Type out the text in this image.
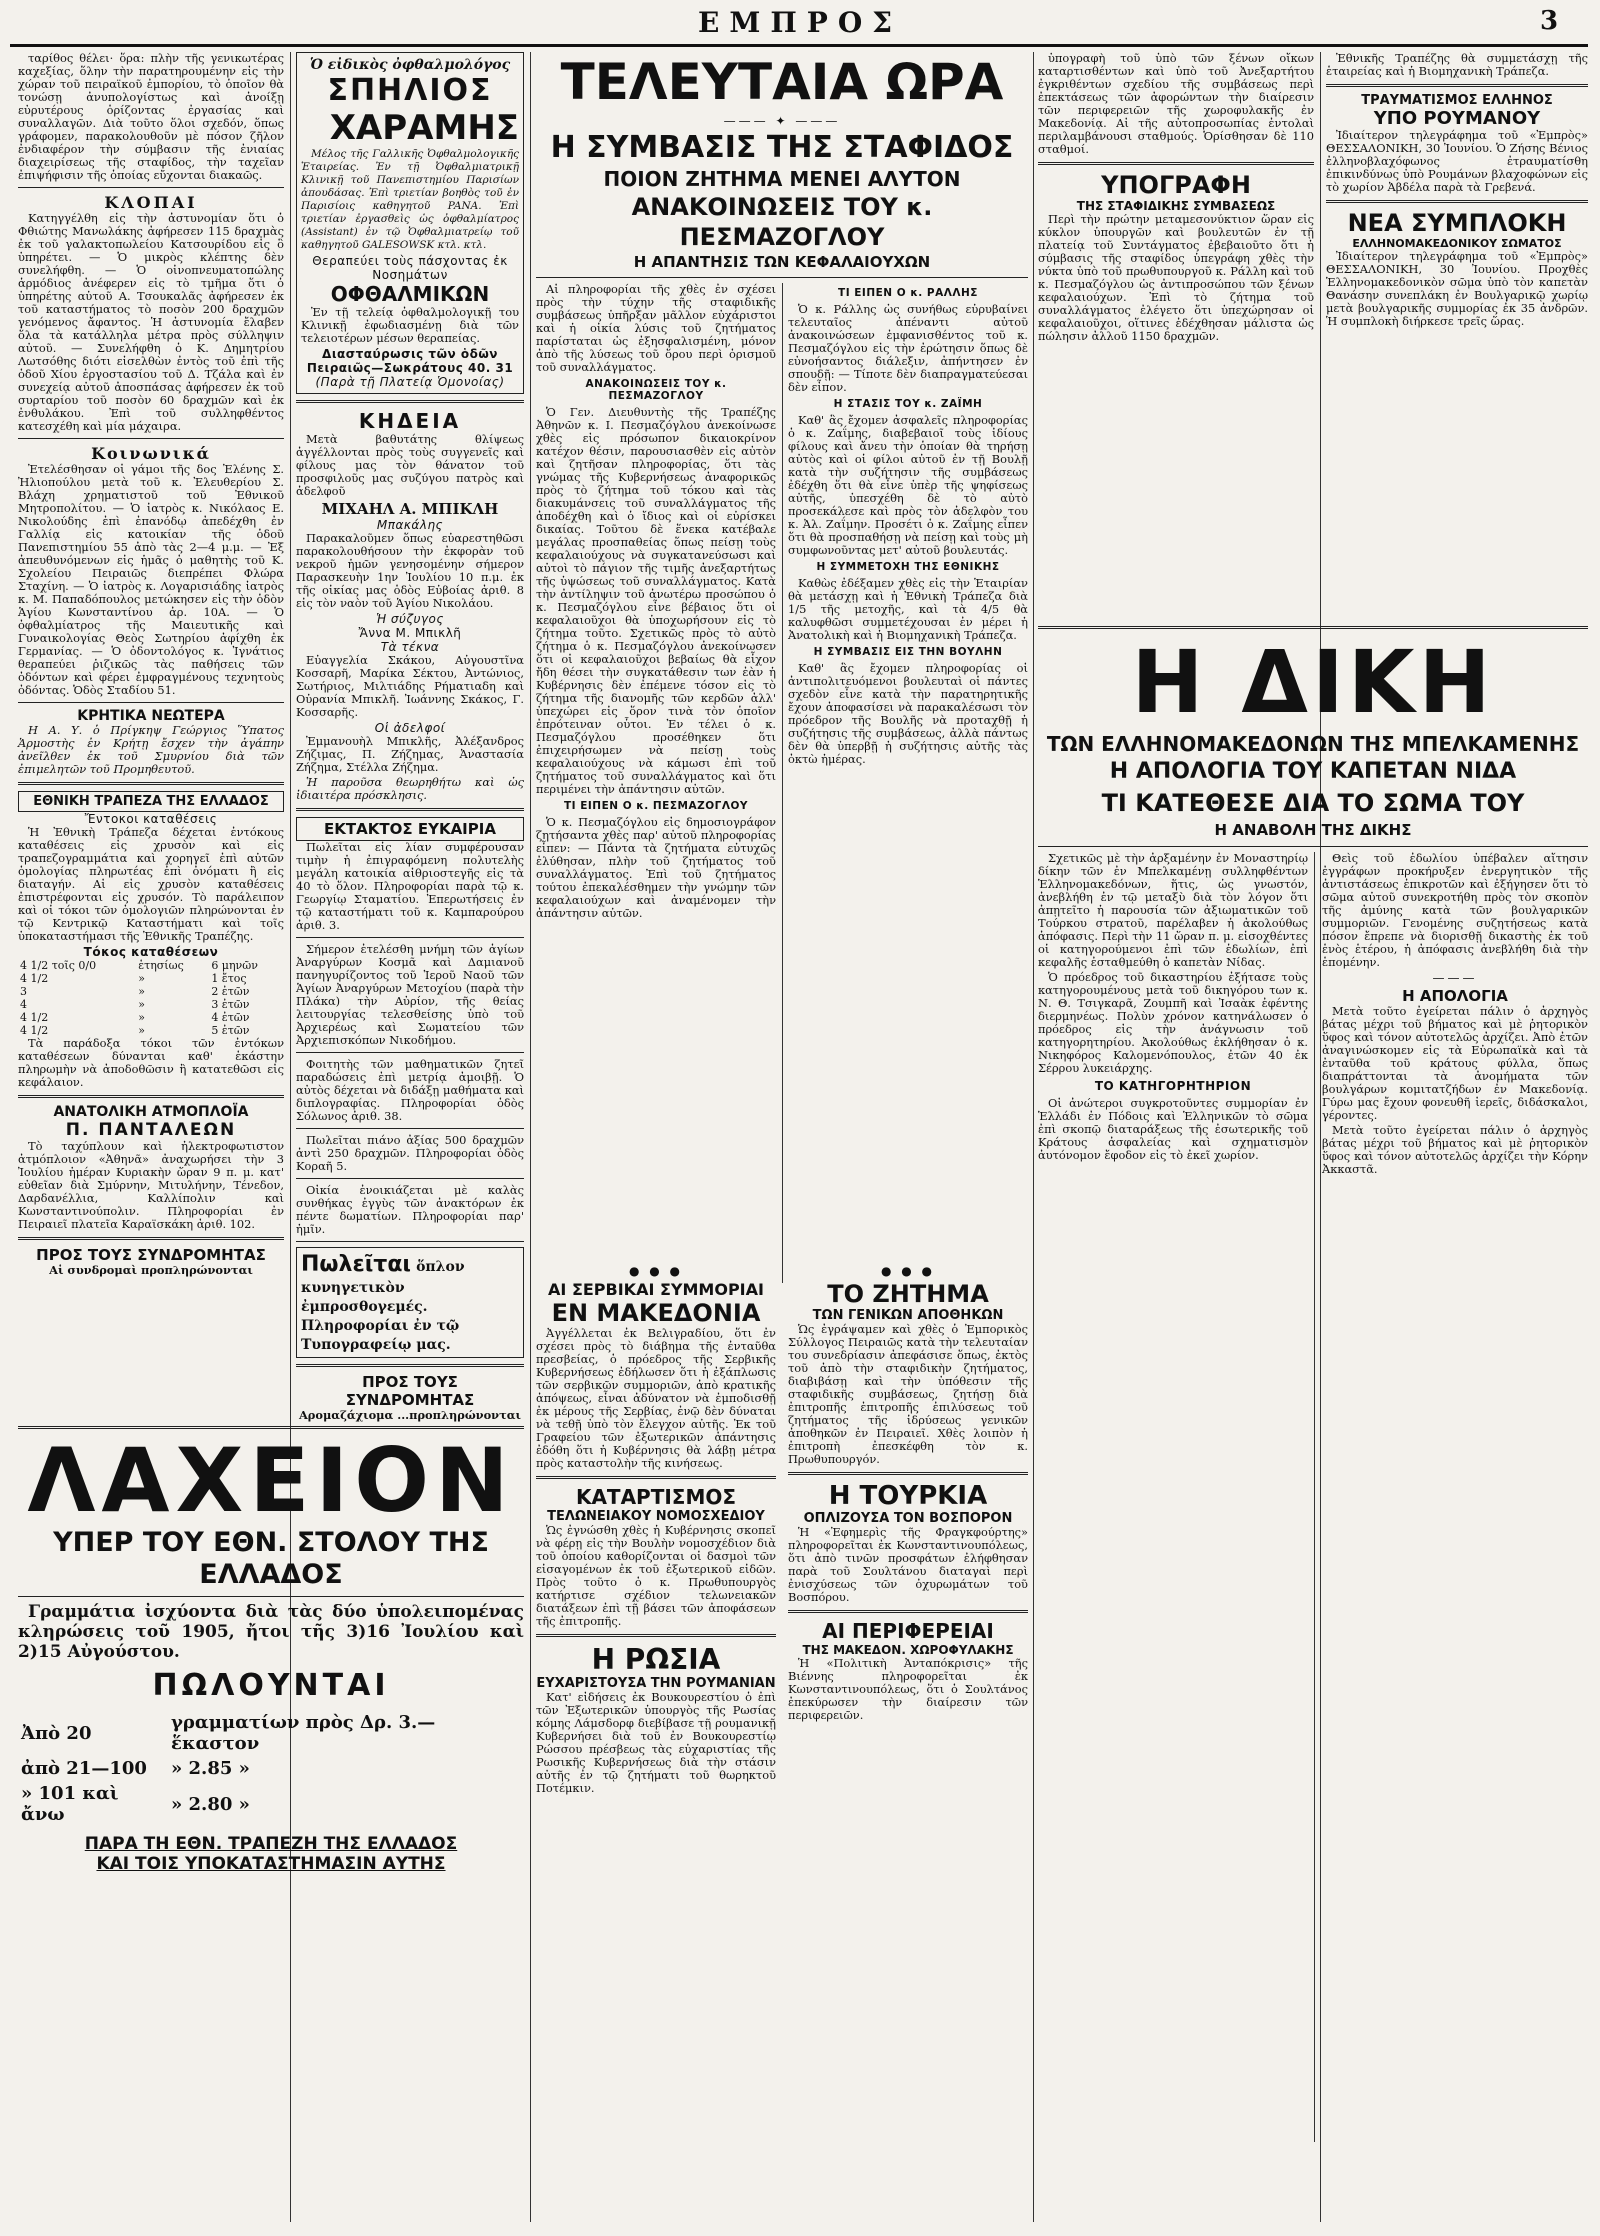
ΕΜΠΡΟΣ	3

ταρίθος θέλει· ὅρα: πλὴν τῆς γενικωτέρας καχεξίας, ὅλην τὴν παρατηρουμένην εἰς τὴν χώραν τοῦ πειραϊκοῦ ἐμπορίου, τὸ ὁποῖον θὰ τονώσῃ ἀνυπολογίστως καὶ ἀνοίξῃ εὐρυτέρους ὁρίζοντας ἐργασίας καὶ συναλλαγῶν. Διὰ τοῦτο ὅλοι σχεδόν, ὅπως γράφομεν, παρακολουθοῦν μὲ πόσον ζῆλον ἐνδιαφέρον τὴν σύμβασιν τῆς ἐνιαίας διαχειρίσεως τῆς σταφίδος, τὴν ταχεῖαν ἐπιψήφισιν τῆς ὁποίας εὔχονται διακαῶς.

ΚΛΟΠΑΙ

Κατηγγέλθη εἰς τὴν ἀστυνομίαν ὅτι ὁ Φθιώτης Μανωλάκης ἀφήρεσεν 115 δραχμὰς ἐκ τοῦ γαλακτοπωλείου Κατσουρίδου εἰς ὃ ὑπηρέτει. — Ὁ μικρὸς κλέπτης δὲν συνελήφθη. — Ὁ οἰνοπνευματοπώλης ἁρμόδιος ἀνέφερεν εἰς τὸ τμῆμα ὅτι ὁ ὑπηρέτης αὐτοῦ Α. Τσουκαλᾶς ἀφήρεσεν ἐκ τοῦ καταστήματος τὸ ποσὸν 200 δραχμῶν γενόμενος ἄφαντος. Ἡ ἀστυνομία ἔλαβεν ὅλα τὰ κατάλληλα μέτρα πρὸς σύλληψιν αὐτοῦ. — Συνελήφθη ὁ Κ. Δημητρίου Λωτσόθης διότι εἰσελθὼν ἐντὸς τοῦ ἐπὶ τῆς ὁδοῦ Χίου ἐργοστασίου τοῦ Δ. Τζάλα καὶ ἐν συνεχείᾳ αὐτοῦ ἀποσπάσας ἀφήρεσεν ἐκ τοῦ συρταρίου τοῦ ποσὸν 60 δραχμῶν καὶ ἐκ ἐνθυλάκου. Ἐπὶ τοῦ συλληφθέντος κατεσχέθη καὶ μία μάχαιρα.

Κοινωνικά

Ἐτελέσθησαν οἱ γάμοι τῆς δος Ἐλένης Σ. Ἠλιοπούλου μετὰ τοῦ κ. Ἐλευθερίου Σ. Βλάχη χρηματιστοῦ τοῦ Ἐθνικοῦ Μητροπολίτου. — Ὁ ἰατρὸς κ. Νικόλαος Ε. Νικολούδης ἐπὶ ἐπανόδῳ ἀπεδέχθη ἐν Γαλλίᾳ εἰς κατοικίαν τῆς ὁδοῦ Πανεπιστημίου 55 ἀπὸ τὰς 2—4 μ.μ. — Ἐξ ἀπευθυνόμενων εἰς ἡμᾶς ὁ μαθητὴς τοῦ Κ. Σχολείου Πειραιῶς διεπρέπει Φλώρα Σταχίνη. — Ὁ ἰατρὸς κ. Λογαρισιάδης ἰατρὸς κ. Μ. Παπαδόπουλος μετώκησεν εἰς τὴν ὁδὸν Ἁγίου Κωνσταντίνου ἀρ. 10Α. — Ὁ ὀφθαλμίατρος τῆς Μαιευτικῆς καὶ Γυναικολογίας Θεὸς Σωτηρίου ἀφίχθη ἐκ Γερμανίας. — Ὁ ὀδοντολόγος κ. Ἰγνάτιος θεραπεύει ῥιζικῶς τὰς παθήσεις τῶν ὀδόντων καὶ φέρει ἐμφραγμένους τεχνητοὺς ὀδόντας. Ὁδὸς Σταδίου 51.

ΚΡΗΤΙΚΑ ΝΕΩΤΕΡΑ

Η Α. Υ. ὁ Πρίγκηψ Γεώργιος Ὕπατος Ἁρμοστὴς ἐν Κρήτῃ ἔσχεν τὴν ἀγάπην ἀνεῖλθεν ἐκ τοῦ Σμυρνίου διὰ τῶν ἐπιμελητῶν τοῦ Προμηθευτοῦ.

ΕΘΝΙΚΗ ΤΡΑΠΕΖΑ ΤΗΣ ΕΛΛΑΔΟΣ
Ἔντοκοι καταθέσεις

Ἡ Ἐθνικὴ Τράπεζα δέχεται ἐντόκους καταθέσεις εἰς χρυσὸν καὶ εἰς τραπεζογραμμάτια καὶ χορηγεῖ ἐπὶ αὐτῶν ὁμολογίας πληρωτέας ἐπὶ ὀνόματι ἢ εἰς διαταγήν. Αἱ εἰς χρυσὸν καταθέσεις ἐπιστρέφονται εἰς χρυσόν. Τὸ παράλειπον καὶ οἱ τόκοι τῶν ὁμολογιῶν πληρώνονται ἐν τῷ Κεντρικῷ Καταστήματι καὶ τοῖς ὑποκαταστήμασι τῆς Ἐθνικῆς Τραπέζης.

Τόκος καταθέσεων
4 1/2 τοῖς 0/0	ἑτησίως	6 μηνῶν
4 1/2	»	1 ἔτος
3	»	2 ἐτῶν
4	»	3 ἐτῶν
4 1/2	»	4 ἐτῶν
4 1/2	»	5 ἐτῶν

Τὰ παράδοξα τόκοι τῶν ἐντόκων καταθέσεων δύνανται καθ' ἑκάστην πληρωμὴν νὰ ἀποδοθῶσιν ἢ κατατεθῶσι εἰς κεφάλαιον.

ΑΝΑΤΟΛΙΚΗ ΑΤΜΟΠΛΟΪΑ
Π. ΠΑΝΤΑΛΕΩΝ

Τὸ ταχύπλουν καὶ ἠλεκτροφωτιστον ἀτμόπλοιον «Ἀθηνᾶ» ἀναχωρήσει τὴν 3 Ἰουλίου ἡμέραν Κυριακὴν ὥραν 9 π. μ. κατ' εὐθεῖαν διὰ Σμύρνην, Μιτυλήνην, Τένεδον, Δαρδανέλλια, Καλλίπολιν καὶ Κωνσταντινούπολιν. Πληροφορίαι ἐν Πειραιεῖ πλατεῖα Καραϊσκάκη ἀριθ. 102.

ΠΡΟΣ ΤΟΥΣ ΣΥΝΔΡΟΜΗΤΑΣ

Αἱ συνδρομαὶ προπληρώνονται

Ὁ εἰδικὸς ὀφθαλμολόγος
ΣΠΗΛΙΟΣ
ΧΑΡΑΜΗΣ

Μέλος τῆς Γαλλικῆς Ὀφθαλμολογικῆς Ἑταιρείας. Ἐν τῇ Ὀφθαλμιατρικῇ Κλινικῇ τοῦ Πανεπιστημίου Παρισίων ἀπουδάσας. Ἐπὶ τριετίαν βοηθὸς τοῦ ἐν Παρισίοις καθηγητοῦ PANA. Ἐπὶ τριετίαν ἐργασθεὶς ὡς ὀφθαλμίατρος (Assistant) ἐν τῷ Ὀφθαλμιατρείῳ τοῦ καθηγητοῦ GALESOWSK κτλ. κτλ.

Θεραπεύει τοὺς πάσχοντας ἐκ Νοσημάτων
ΟΦΘΑΛΜΙΚΩΝ

Ἐν τῇ τελείᾳ ὀφθαλμολογικῇ του Κλινικῇ ἐφωδιασμένῃ διὰ τῶν τελειοτέρων μέσων θεραπείας.

Διασταύρωσις τῶν ὁδῶν Πειραιῶς—Σωκράτους 40. 31
(Παρὰ τῇ Πλατείᾳ Ὁμονοίας)
ΚΗΔΕΙΑ

Μετὰ βαθυτάτης θλίψεως ἀγγέλλονται πρὸς τοὺς συγγενεῖς καὶ φίλους μας τὸν θάνατον τοῦ προσφιλοῦς μας συζύγου πατρὸς καὶ ἀδελφοῦ

ΜΙΧΑΗΛ Α. ΜΠΙΚΛΗ
Μπακάλης

Παρακαλοῦμεν ὅπως εὐαρεστηθῶσι παρακολουθήσουν τὴν ἐκφορὰν τοῦ νεκροῦ ἡμῶν γενησομένην σήμερον Παρασκευὴν 1ην Ἰουλίου 10 π.μ. ἐκ τῆς οἰκίας μας ὁδὸς Εὐβοίας ἀριθ. 8 εἰς τὸν ναὸν τοῦ Ἁγίου Νικολάου.

Ἡ σύζυγος
Ἄννα Μ. Μπικλῆ
Τὰ τέκνα

Εὐαγγελία Σκάκου, Αὐγουστῖνα Κοσσαρῆ, Μαρίκα Σέκτου, Ἀντώνιος, Σωτήριος, Μιλτιάδης Ρήματιαδη καὶ Οὐρανία Μπικλῆ. Ἰωάννης Σκάκος, Γ. Κοσσαρῆς.

Οἱ ἀδελφοί

Ἐμμανουὴλ Μπικλῆς, Ἀλέξανδρος Ζήζιμας, Π. Ζήζημας, Ἀναστασία Ζήζημα, Στέλλα Ζήζημα.

Ἡ παροῦσα θεωρηθήτω καὶ ὡς ἰδιαιτέρα πρόσκλησις.

ΕΚΤΑΚΤΟΣ ΕΥΚΑΙΡΙΑ

Πωλεῖται εἰς λίαν συμφέρουσαν τιμὴν ἡ ἐπιγραφόμενη πολυτελὴς μεγάλη κατοικία αἰθριοστεγῆς εἰς τὰ 40 τὸ ὅλον. Πληροφορίαι παρὰ τῷ κ. Γεωργίῳ Σταματίου. Ἐπερωτήσεις ἐν τῷ καταστήματι τοῦ κ. Καμπαρούρου ἀριθ. 3.

Σήμερον ἐτελέσθη μνήμη τῶν ἁγίων Ἀναργύρων Κοσμᾶ καὶ Δαμιανοῦ πανηγυρίζοντος τοῦ Ἱεροῦ Ναοῦ τῶν Ἁγίων Ἀναργύρων Μετοχίου (παρὰ τὴν Πλάκα) τὴν Αὐρίον, τῆς θείας λειτουργίας τελεσθείσης ὑπὸ τοῦ Ἀρχιερέως καὶ Σωματείου τῶν Ἀρχιεπισκόπων Νικοδήμου.

Φοιτητὴς τῶν μαθηματικῶν ζητεῖ παραδώσεις ἐπὶ μετρίᾳ ἀμοιβῇ. Ὁ αὐτὸς δέχεται νὰ διδάξῃ μαθήματα καὶ διπλογραφίας. Πληροφορίαι ὁδὸς Σόλωνος ἀριθ. 38.

Πωλεῖται πιάνο ἀξίας 500 δραχμῶν ἀντὶ 250 δραχμῶν. Πληροφορίαι ὁδὸς Κοραῆ 5.

Οἰκία ἐνοικιάζεται μὲ καλὰς συνθήκας ἐγγὺς τῶν ἀνακτόρων ἐκ πέντε δωματίων. Πληροφορίαι παρ' ἡμῖν.

Πωλεῖται ὅπλον κυνηγετικὸν ἐμπροσθογεμές. Πληροφορίαι ἐν τῷ Τυπογραφείῳ μας.
ΠΡΟΣ ΤΟΥΣ ΣΥΝΔΡΟΜΗΤΑΣ

Αρομαζάχιομα ...προπληρώνονται

ΛΑΧΕΙΟΝ
ΥΠΕΡ ΤΟΥ ΕΘΝ. ΣΤΟΛΟΥ ΤΗΣ ΕΛΛΑΔΟΣ

Γραμμάτια ἰσχύοντα διὰ τὰς δύο ὑπολειπομένας κληρώσεις τοῦ 1905, ἤτοι τῆς 3)16 Ἰουλίου καὶ 2)15 Αὐγούστου.

ΠΩΛΟΥΝΤΑΙ
Ἀπὸ 20	γραμματίων πρὸς Δρ. 3.—ἕκαστον
ἀπὸ 21—100	» 2.85 »
» 101 καὶ ἄνω	» 2.80 »
ΠΑΡΑ ΤΗ ΕΘΝ. ΤΡΑΠΕΖΗ ΤΗΣ ΕΛΛΑΔΟΣ
ΚΑΙ ΤΟΙΣ ΥΠΟΚΑΤΑΣΤΗΜΑΣΙΝ ΑΥΤΗΣ
ΤΕΛΕΥΤΑΙΑ ΩΡΑ
——— ✦ ———
Η ΣΥΜΒΑΣΙΣ ΤΗΣ ΣΤΑΦΙΔΟΣ
ΠΟΙΟΝ ΖΗΤΗΜΑ ΜΕΝΕΙ ΑΛΥΤΟΝ
ΑΝΑΚΟΙΝΩΣΕΙΣ ΤΟΥ κ. ΠΕΣΜΑΖΟΓΛΟΥ
Η ΑΠΑΝΤΗΣΙΣ ΤΩΝ ΚΕΦΑΛΑΙΟΥΧΩΝ

Αἱ πληροφορίαι τῆς χθὲς ἐν σχέσει πρὸς τὴν τύχην τῆς σταφιδικῆς συμβάσεως ὑπῆρξαν μᾶλλον εὐχάριστοι καὶ ἡ οἰκία λύσις τοῦ ζητήματος παρίσταται ὡς ἐξησφαλισμένη, μόνον ἀπὸ τῆς λύσεως τοῦ ὅρου περὶ ὁρισμοῦ τοῦ συναλλάγματος.

ΑΝΑΚΟΙΝΩΣΕΙΣ ΤΟΥ κ. ΠΕΣΜΑΖΟΓΛΟΥ

Ὁ Γεν. Διευθυντὴς τῆς Τραπέζης Ἀθηνῶν κ. Ι. Πεσμαζόγλου ἀνεκοίνωσε χθὲς εἰς πρόσωπον δικαιοκρίνον κατέχον θέσιν, παρουσιασθὲν εἰς αὐτὸν καὶ ζητῆσαν πληροφορίας, ὅτι τὰς γνώμας τῆς Κυβερνήσεως ἀναφορικῶς πρὸς τὸ ζήτημα τοῦ τόκου καὶ τὰς διακυμάνσεις τοῦ συναλλάγματος τῆς ἀποδέχθη καὶ ὁ ἴδιος καὶ οἱ εὐρίσκει δικαίας. Τοῦτου δὲ ἕνεκα κατέβαλε μεγάλας προσπαθείας ὅπως πείσῃ τοὺς κεφαλαιούχους νὰ συγκατανεύσωσι καὶ αὐτοὶ τὸ πάγιον τῆς τιμῆς ἀνεξαρτήτως τῆς ὑψώσεως τοῦ συναλλάγματος. Κατὰ τὴν ἀντίληψιν τοῦ ἀνωτέρω προσώπου ὁ κ. Πεσμαζόγλου εἶνε βέβαιος ὅτι οἱ κεφαλαιοῦχοι θὰ ὑποχωρήσουν εἰς τὸ ζήτημα τοῦτο. Σχετικῶς πρὸς τὸ αὐτὸ ζήτημα ὁ κ. Πεσμαζόγλου ἀνεκοίνωσεν ὅτι οἱ κεφαλαιοῦχοι βεβαίως θὰ εἶχον ἤδη θέσει τὴν συγκατάθεσιν των ἐὰν ἡ Κυβέρνησις δὲν ἐπέμενε τόσον εἰς τὸ ζήτημα τῆς διανομῆς τῶν κερδῶν ἀλλ' ὑπεχώρει εἰς ὅρον τινὰ τὸν ὁποῖον ἐπρότειναν οὗτοι. Ἐν τέλει ὁ κ. Πεσμαζόγλου προσέθηκεν ὅτι ἐπιχειρήσωμεν νὰ πείσῃ τοὺς κεφαλαιούχους νὰ κάμωσι ἐπὶ τοῦ ζητήματος τοῦ συναλλάγματος καὶ ὅτι περιμένει τὴν ἀπάντησιν αὐτῶν.

ΤΙ ΕΙΠΕΝ Ο κ. ΠΕΣΜΑΖΟΓΛΟΥ

Ὁ κ. Πεσμαζόγλου εἰς δημοσιογράφον ζητήσαντα χθὲς παρ' αὐτοῦ πληροφορίας εἶπεν: — Πάντα τὰ ζητήματα εὐτυχῶς ἐλύθησαν, πλὴν τοῦ ζητήματος τοῦ συναλλάγματος. Ἐπὶ τοῦ ζητήματος τούτου ἐπεκαλέσθημεν τὴν γνώμην τῶν κεφαλαιούχων καὶ ἀναμένομεν τὴν ἀπάντησιν αὐτῶν.

ΤΙ ΕΙΠΕΝ Ο κ. ΡΑΛΛΗΣ

Ὁ κ. Ράλλης ὡς συνήθως εὐρυβαίνει τελευταῖος ἀπέναντι αὐτοῦ ἀνακοινώσεων ἐμφανισθέντος τοῦ κ. Πεσμαζόγλου εἰς τὴν ἐρώτησιν ὅπως δὲ εὐνοήσαντος διάλεξιν, ἀπήντησεν ἐν σπουδῇ: — Τίποτε δὲν διαπραγματεύεσαι δὲν εἶπον.

Η ΣΤΑΣΙΣ ΤΟΥ κ. ΖΑΪΜΗ

Καθ' ἃς ἔχομεν ἀσφαλεῖς πληροφορίας ὁ κ. Ζαΐμης, διαβεβαιοῖ τοὺς ἰδίους φίλους καὶ ἄνευ τὴν ὁποίαν θὰ τηρήσῃ αὐτὸς καὶ οἱ φίλοι αὐτοῦ ἐν τῇ Βουλῇ κατὰ τὴν συζήτησιν τῆς συμβάσεως ἐδέχθη ὅτι θὰ εἶνε ὑπὲρ τῆς ψηφίσεως αὐτῆς, ὑπεσχέθη δὲ τὸ αὐτὸ προσεκάλεσε καὶ πρὸς τὸν ἀδελφὸν του κ. Ἀλ. Ζαΐμην. Προσέτι ὁ κ. Ζαΐμης εἶπεν ὅτι θὰ προσπαθήσῃ νὰ πείσῃ καὶ τοὺς μὴ συμφωνοῦντας μετ' αὐτοῦ βουλευτάς.

Η ΣΥΜΜΕΤΟΧΗ ΤΗΣ ΕΘΝΙΚΗΣ

Καθὼς ἐδέξαμεν χθὲς εἰς τὴν Ἑταιρίαν θὰ μετάσχῃ καὶ ἡ Ἐθνικὴ Τράπεζα διὰ 1/5 τῆς μετοχῆς, καὶ τὰ 4/5 θὰ καλυφθῶσι συμμετέχουσαι ἐν μέρει ἡ Ἀνατολικὴ καὶ ἡ Βιομηχανικὴ Τράπεζα.

Η ΣΥΜΒΑΣΙΣ ΕΙΣ ΤΗΝ ΒΟΥΛΗΝ

Καθ' ἃς ἔχομεν πληροφορίας οἱ ἀντιπολιτευόμενοι βουλευταὶ οἱ πάντες σχεδὸν εἶνε κατὰ τὴν παρατηρητικῆς ἔχουν ἀποφασίσει νὰ παρακαλέσωσι τὸν πρόεδρον τῆς Βουλῆς νὰ προταχθῇ ἡ συζήτησις τῆς συμβάσεως, ἀλλὰ πάντως δὲν θὰ ὑπερβῇ ἡ συζήτησις αὐτῆς τὰς ὀκτὼ ἡμέρας.

● ● ●
ΑΙ ΣΕΡΒΙΚΑΙ ΣΥΜΜΟΡΙΑΙ
ΕΝ ΜΑΚΕΔΟΝΙΑ

Ἀγγέλλεται ἐκ Βελιγραδίου, ὅτι ἐν σχέσει πρὸς τὸ διάβημα τῆς ἐνταῦθα πρεσβείας, ὁ πρόεδρος τῆς Σερβικῆς Κυβερνήσεως ἐδήλωσεν ὅτι ἡ ἐξάπλωσις τῶν σερβικῶν συμμοριῶν, ἀπὸ κρατικῆς ἀπόψεως, εἶναι ἀδύνατον νὰ ἐμποδισθῇ ἐκ μέρους τῆς Σερβίας, ἐνῷ δὲν δύναται νὰ τεθῇ ὑπὸ τὸν ἔλεγχον αὐτῆς. Ἐκ τοῦ Γραφείου τῶν ἐξωτερικῶν ἀπάντησις ἐδόθη ὅτι ἡ Κυβέρνησις θὰ λάβῃ μέτρα πρὸς καταστολὴν τῆς κινήσεως.

ΚΑΤΑΡΤΙΣΜΟΣ
ΤΕΛΩΝΕΙΑΚΟΥ ΝΟΜΟΣΧΕΔΙΟΥ

Ὡς ἐγνώσθη χθὲς ἡ Κυβέρνησις σκοπεῖ νὰ φέρῃ εἰς τὴν Βουλὴν νομοσχέδιον διὰ τοῦ ὁποίου καθορίζονται οἱ δασμοὶ τῶν εἰσαγομένων ἐκ τοῦ ἐξωτερικοῦ εἰδῶν. Πρὸς τοῦτο ὁ κ. Πρωθυπουργὸς κατήρτισε σχέδιον τελωνειακῶν διατάξεων ἐπὶ τῇ βάσει τῶν ἀποφάσεων τῆς ἐπιτροπῆς.

Η ΡΩΣΙΑ
ΕΥΧΑΡΙΣΤΟΥΣΑ ΤΗΝ ΡΟΥΜΑΝΙΑΝ

Κατ' εἰδήσεις ἐκ Βουκουρεστίου ὁ ἐπὶ τῶν Ἐξωτερικῶν ὑπουργὸς τῆς Ρωσίας κόμης Λάμσδορφ διεβίβασε τῇ ρουμανικῇ Κυβερνήσει διὰ τοῦ ἐν Βουκουρεστίῳ Ρώσσου πρέσβεως τὰς εὐχαριστίας τῆς Ρωσικῆς Κυβερνήσεως διὰ τὴν στάσιν αὐτῆς ἐν τῷ ζητήματι τοῦ θωρηκτοῦ Ποτέμκιν.

ὑπογραφὴ τοῦ ὑπὸ τῶν ξένων οἴκων καταρτισθέντων καὶ ὑπὸ τοῦ Ἀνεξαρτήτου ἐγκριθέντων σχεδίου τῆς συμβάσεως περὶ ἐπεκτάσεως τῶν ἀφορώντων τὴν διαίρεσιν τῶν περιφερειῶν τῆς χωροφυλακῆς ἐν Μακεδονίᾳ. Αἱ τῆς αὐτοπροσωπίας ἐντολαὶ περιλαμβάνουσι σταθμούς. Ὁρίσθησαν δὲ 110 σταθμοί.

ΥΠΟΓΡΑΦΗ
ΤΗΣ ΣΤΑΦΙΔΙΚΗΣ ΣΥΜΒΑΣΕΩΣ

Περὶ τὴν πρώτην μεταμεσονύκτιον ὥραν εἰς κύκλον ὑπουργῶν καὶ βουλευτῶν ἐν τῇ πλατείᾳ τοῦ Συντάγματος ἐβεβαιοῦτο ὅτι ἡ σύμβασις τῆς σταφίδος ὑπεγράφη χθὲς τὴν νύκτα ὑπὸ τοῦ πρωθυπουργοῦ κ. Ράλλη καὶ τοῦ κ. Πεσμαζόγλου ὡς ἀντιπροσώπου τῶν ξένων κεφαλαιούχων. Ἐπὶ τὸ ζήτημα τοῦ συναλλάγματος ἐλέγετο ὅτι ὑπεχώρησαν οἱ κεφαλαιοῦχοι, οἵτινες ἐδέχθησαν μάλιστα ὡς πώλησιν ἀλλοῦ 1150 δραχμῶν.

● ● ●
ΤΟ ΖΗΤΗΜΑ
ΤΩΝ ΓΕΝΙΚΩΝ ΑΠΟΘΗΚΩΝ

Ὡς ἐγράψαμεν καὶ χθὲς ὁ Ἐμπορικὸς Σύλλογος Πειραιῶς κατὰ τὴν τελευταίαν του συνεδρίασιν ἀπεφάσισε ὅπως, ἐκτὸς τοῦ ἀπὸ τὴν σταφιδικὴν ζητήματος, διαβιβάσῃ καὶ τὴν ὑπόθεσιν τῆς σταφιδικῆς συμβάσεως, ζητήσῃ διὰ ἐπιτροπῆς ἐπιτροπῆς ἐπιλύσεως τοῦ ζητήματος τῆς ἱδρύσεως γενικῶν ἀποθηκῶν ἐν Πειραιεῖ. Χθὲς λοιπὸν ἡ ἐπιτροπὴ ἐπεσκέφθη τὸν κ. Πρωθυπουργόν.

Η ΤΟΥΡΚΙΑ
ΟΠΛΙΖΟΥΣΑ ΤΟΝ ΒΟΣΠΟΡΟΝ

Ἡ «Ἐφημερὶς τῆς Φραγκφούρτης» πληροφορεῖται ἐκ Κωνσταντινουπόλεως, ὅτι ἀπὸ τινῶν προσφάτων ἐλήφθησαν παρὰ τοῦ Σουλτάνου διαταγαὶ περὶ ἐνισχύσεως τῶν ὀχυρωμάτων τοῦ Βοσπόρου.

ΑΙ ΠΕΡΙΦΕΡΕΙΑΙ
ΤΗΣ ΜΑΚΕΔΟΝ. ΧΩΡΟΦΥΛΑΚΗΣ

Ἡ «Πολιτικὴ Ἀνταπόκρισις» τῆς Βιέννης πληροφορεῖται ἐκ Κωνσταντινουπόλεως, ὅτι ὁ Σουλτάνος ἐπεκύρωσεν τὴν διαίρεσιν τῶν περιφερειῶν.

Ἐθνικῆς Τραπέζης θὰ συμμετάσχῃ τῆς ἑταιρείας καὶ ἡ Βιομηχανικὴ Τράπεζα.

ΤΡΑΥΜΑΤΙΣΜΟΣ ΕΛΛΗΝΟΣ
ΥΠΟ ΡΟΥΜΑΝΟΥ

Ἰδιαίτερον τηλεγράφημα τοῦ «Ἐμπρὸς» ΘΕΣΣΑΛΟΝΙΚΗ, 30 Ἰουνίου. Ὁ Ζήσης Βένιος ἐλληνοβλαχόφωνος ἐτραυματίσθη ἐπικινδύνως ὑπὸ Ρουμάνων βλαχοφώνων εἰς τὸ χωρίον Ἀβδέλα παρὰ τὰ Γρεβενά.

ΝΕΑ ΣΥΜΠΛΟΚΗ
ΕΛΛΗΝΟΜΑΚΕΔΟΝΙΚΟΥ ΣΩΜΑΤΟΣ

Ἰδιαίτερον τηλεγράφημα τοῦ «Ἐμπρὸς» ΘΕΣΣΑΛΟΝΙΚΗ, 30 Ἰουνίου. Προχθὲς Ἑλληνομακεδονικὸν σῶμα ὑπὸ τὸν καπετὰν Θανάσην συνεπλάκη ἐν Βουλγαρικῷ χωρίῳ μετὰ βουλγαρικῆς συμμορίας ἐκ 35 ἀνδρῶν. Ἡ συμπλοκὴ διήρκεσε τρεῖς ὥρας.

Η ΔΙΚΗ
ΤΩΝ ΕΛΛΗΝΟΜΑΚΕΔΟΝΩΝ ΤΗΣ ΜΠΕΛΚΑΜΕΝΗΣ
Η ΑΠΟΛΟΓΙΑ ΤΟΥ ΚΑΠΕΤΑΝ ΝΙΔΑ
ΤΙ ΚΑΤΕΘΕΣΕ ΔΙΑ ΤΟ ΣΩΜΑ ΤΟΥ
Η ΑΝΑΒΟΛΗ ΤΗΣ ΔΙΚΗΣ

Σχετικῶς μὲ τὴν ἀρξαμένην ἐν Μοναστηρίῳ δίκην τῶν ἐν Μπελκαμένῃ συλληφθέντων Ἑλληνομακεδόνων, ἥτις, ὡς γνωστόν, ἀνεβλήθη ἐν τῷ μεταξὺ διὰ τὸν λόγον ὅτι ἀπῃτεῖτο ἡ παρουσία τῶν ἀξιωματικῶν τοῦ Τούρκου στρατοῦ, παρέλαβεν ἡ ἀκολούθως ἀπόφασις. Περὶ τὴν 11 ὥραν π. μ. εἰσοχθέντες οἱ κατηγορούμενοι ἐπὶ τῶν ἑδωλίων, ἐπὶ κεφαλῆς ἐσταθμεύθη ὁ καπετὰν Νίδας.

Ὁ πρόεδρος τοῦ δικαστηρίου ἐξήτασε τοὺς κατηγορουμένους μετὰ τοῦ δικηγόρου των κ. Ν. Θ. Τσιγκαρᾶ, Ζουμπῆ καὶ Ἰσαὰκ ἐφέντης διερμηνέως. Πολὺν χρόνον κατηνάλωσεν ὁ πρόεδρος εἰς τὴν ἀνάγνωσιν τοῦ κατηγορητηρίου. Ἀκολούθως ἐκλήθησαν ὁ κ. Νικηφόρος Καλομενόπουλος, ἐτῶν 40 ἐκ Σέρρου λυκειάρχης.

ΤΟ ΚΑΤΗΓΟΡΗΤΗΡΙΟΝ

Οἱ ἀνώτεροι συγκροτοῦντες συμμορίαν ἐν Ἑλλάδι ἐν Πόδοις καὶ Ἑλληνικῶν τὸ σῶμα ἐπὶ σκοπῷ διαταράξεως τῆς ἐσωτερικῆς τοῦ Κράτους ἀσφαλείας καὶ σχηματισμὸν ἀυτόνομον ἔφοδον εἰς τὸ ἐκεῖ χωρίον.

Θεὶς τοῦ ἐδωλίου ὑπέβαλεν αἴτησιν ἐγγράφων προκήρυξεν ἐνεργητικὸν τῆς ἀντιστάσεως ἐπικροτῶν καὶ ἐξήγησεν ὅτι τὸ σῶμα αὐτοῦ συνεκροτήθη πρὸς τὸν σκοπὸν τῆς ἀμύνης κατὰ τῶν βουλγαρικῶν συμμοριῶν. Γενομένης συζητήσεως κατὰ πόσον ἔπρεπε νὰ διορισθῇ δικαστὴς ἐκ τοῦ ἑνὸς ἑτέρου, ἡ ἀπόφασις ἀνεβλήθη διὰ τὴν ἑπομένην.

———
Η ΑΠΟΛΟΓΙΑ

Μετὰ τοῦτο ἐγείρεται πάλιν ὁ ἀρχηγὸς βάτας μέχρι τοῦ βήματος καὶ μὲ ῥητορικὸν ὕφος καὶ τόνον αὐτοτελῶς ἀρχίζει. Ἀπὸ ἐτῶν ἀναγινώσκομεν εἰς τὰ Εὐρωπαϊκὰ καὶ τὰ ἐνταῦθα τοῦ κράτους φύλλα, ὅπως διαπράττονται τὰ ἀνομήματα τῶν βουλγάρων κομιτατζήδων ἐν Μακεδονίᾳ. Γύρω μας ἔχουν φονευθῆ ἱερεῖς, διδάσκαλοι, γέροντες.

Μετὰ τοῦτο ἐγείρεται πάλιν ὁ ἀρχηγὸς βάτας μέχρι τοῦ βήματος καὶ μὲ ῥητορικὸν ὕφος καὶ τόνον αὐτοτελῶς ἀρχίζει τὴν Κόρην Ἀκκαστᾶ.
